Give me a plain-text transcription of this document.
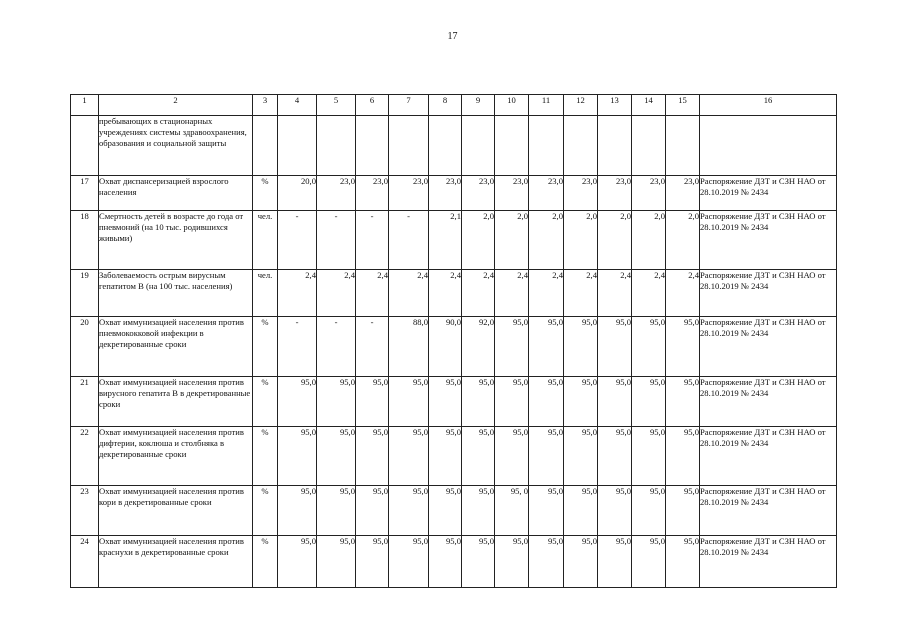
17
1	2	3	4	5	6	7	8	9	10	11	12	13	14	15	16
	пребывающих в стационарных учреждениях системы здравоохранения, образования и социальной защиты														
17	Охват диспансеризацией взрослого населения	%	20,0	23,0	23,0	23,0	23,0	23,0	23,0	23,0	23,0	23,0	23,0	23,0	Распоряжение ДЗТ и СЗН НАО от 28.10.2019 № 2434
18	Смертность детей в возрасте до года от пневмоний (на 10 тыс. родившихся живыми)	чел.	-	-	-	-	2,1	2,0	2,0	2,0	2,0	2,0	2,0	2,0	Распоряжение ДЗТ и СЗН НАО от 28.10.2019 № 2434
19	Заболеваемость острым вирусным гепатитом В (на 100 тыс. населения)	чел.	2,4	2,4	2,4	2,4	2,4	2,4	2,4	2,4	2,4	2,4	2,4	2,4	Распоряжение ДЗТ и СЗН НАО от 28.10.2019 № 2434
20	Охват иммунизацией населения против пневмококковой инфекции в декретированные сроки	%	-	-	-	88,0	90,0	92,0	95,0	95,0	95,0	95,0	95,0	95,0	Распоряжение ДЗТ и СЗН НАО от 28.10.2019 № 2434
21	Охват иммунизацией населения против вирусного гепатита В в декретированные сроки	%	95,0	95,0	95,0	95,0	95,0	95,0	95,0	95,0	95,0	95,0	95,0	95,0	Распоряжение ДЗТ и СЗН НАО от 28.10.2019 № 2434
22	Охват иммунизацией населения против дифтерии, коклюша и столбняка в декретированные сроки	%	95,0	95,0	95,0	95,0	95,0	95,0	95,0	95,0	95,0	95,0	95,0	95,0	Распоряжение ДЗТ и СЗН НАО от 28.10.2019 № 2434
23	Охват иммунизацией населения против кори в декретированные сроки	%	95,0	95,0	95,0	95,0	95,0	95,0	95, 0	95,0	95,0	95,0	95,0	95,0	Распоряжение ДЗТ и СЗН НАО от 28.10.2019 № 2434
24	Охват иммунизацией населения против краснухи в декретированные сроки	%	95,0	95,0	95,0	95,0	95,0	95,0	95,0	95,0	95,0	95,0	95,0	95,0	Распоряжение ДЗТ и СЗН НАО от 28.10.2019 № 2434
